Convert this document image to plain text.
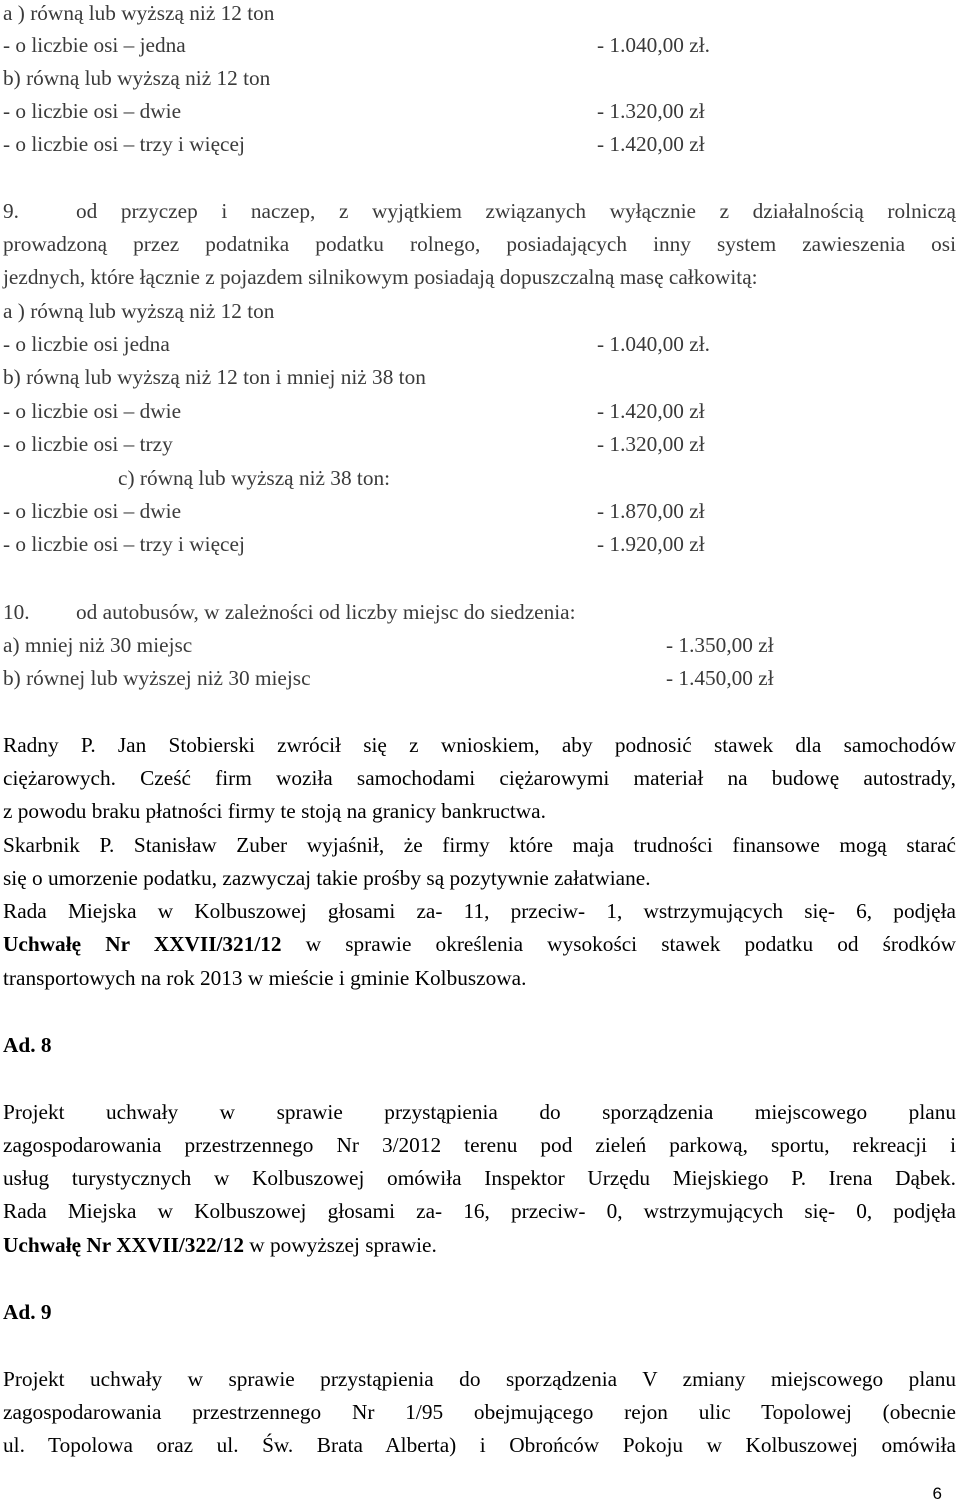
a ) równą lub wyższą niż 12 ton
- o liczbie osi – jedna	- 1.040,00 zł.
b) równą lub wyższą niż 12 ton
- o liczbie osi – dwie	- 1.320,00 zł
- o liczbie osi – trzy i więcej	- 1.420,00 zł
9.	od przyczep i naczep, z wyjątkiem związanych wyłącznie z działalnością rolniczą
prowadzoną przez podatnika podatku rolnego, posiadających inny system zawieszenia osi
jezdnych, które łącznie z pojazdem silnikowym posiadają dopuszczalną masę całkowitą:
a ) równą lub wyższą niż 12 ton
- o liczbie osi jedna	- 1.040,00 zł.
b) równą lub wyższą niż 12 ton i mniej niż 38 ton
- o liczbie osi – dwie	- 1.420,00 zł
- o liczbie osi – trzy	- 1.320,00 zł
c) równą lub wyższą niż 38 ton:
- o liczbie osi – dwie	- 1.870,00 zł
- o liczbie osi – trzy i więcej	- 1.920,00 zł
10. od autobusów, w zależności od liczby miejsc do siedzenia:
a) mniej niż 30 miejsc	- 1.350,00 zł
b) równej lub wyższej niż 30 miejsc	- 1.450,00 zł
Radny P. Jan Stobierski zwrócił się z wnioskiem, aby podnosić stawek dla samochodów
ciężarowych. Cześć firm woziła samochodami ciężarowymi materiał na budowę autostrady,
z powodu braku płatności firmy te stoją na granicy bankructwa.
Skarbnik P. Stanisław Zuber wyjaśnił, że firmy które maja trudności finansowe mogą starać
się o umorzenie podatku, zazwyczaj takie prośby są pozytywnie załatwiane.
Rada Miejska w Kolbuszowej głosami za- 11, przeciw- 1, wstrzymujących się- 6, podjęła
Uchwałę Nr XXVII/321/12 w sprawie określenia wysokości stawek podatku od środków
transportowych na rok 2013 w mieście i gminie Kolbuszowa.
Ad. 8
Projekt uchwały w sprawie przystąpienia do sporządzenia miejscowego planu
zagospodarowania przestrzennego Nr 3/2012 terenu pod zieleń parkową, sportu, rekreacji i
usług turystycznych w Kolbuszowej omówiła Inspektor Urzędu Miejskiego P. Irena Dąbek.
Rada Miejska w Kolbuszowej głosami za- 16, przeciw- 0, wstrzymujących się- 0, podjęła
Uchwałę Nr XXVII/322/12 w powyższej sprawie.
Ad. 9
Projekt uchwały w sprawie przystąpienia do sporządzenia V zmiany miejscowego planu
zagospodarowania przestrzennego Nr 1/95 obejmującego rejon ulic Topolowej (obecnie
ul. Topolowa oraz ul. Św. Brata Alberta) i Obrońców Pokoju w Kolbuszowej omówiła
6
